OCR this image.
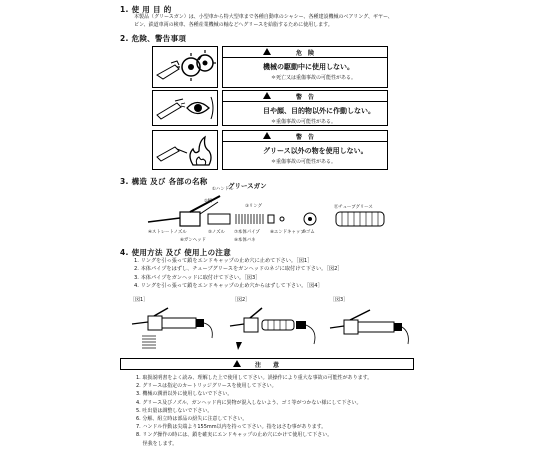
1. 使 用 目 的
本製品（グリースガン）は、小型車から特大型車まで各種自動車のシャシー、各種建設機械のベアリング、ギヤー、
ピン、鉄道車両の検車、各種産業機械の軸などへグリースを給脂するために使用します。
2. 危険、警告事項
危　険
機械の駆動中に使用しない。
＊死亡又は重傷事故の可能性がある。
警　告
目や顔、目的物以外に作動しない。
＊重傷事故の可能性がある。
警　告
グリース以外の物を使用しない。
＊重傷事故の可能性がある。
3. 構造 及び 各部の名称	グリースガン
①ハンドル
②柄
③リング	⑪チューブグリース
④ストレートノズル	⑤ノズル ⑦本体パイプ ⑧エンドキャップ
⑩ゴム
⑥ガンヘッド	⑨本体バネ
4. 使用方法 及び 使用上の注意
1. リングを引っ張って鎖をエンドキャップの止め穴に止めて下さい。［図1］
2. 本体パイプをはずし、チューブグリースをガンヘッドのネジに取付けて下さい。［図2］
3. 本体パイプをガンヘッドに取付けて下さい。［図3］
4. リングを引っ張って鎖をエンドキャップの止め穴からはずして下さい。［図4］
［図1］	［図2］	［図3］
注　　意
1. 取扱説明書をよく読み、理解した上で使用して下さい。誤操作により重大な事故の可能性があります。
2. グリースは指定のカートリッジグリースを使用して下さい。
3. 機械の潤滑以外に使用しないで下さい。
4. グリース及びノズル、ガンヘッド内に異物が混入しないよう、ゴミ等がつかない様にして下さい。
5. 吐出量は調整しないで下さい。
6. 分解、組立時は部品の紛失に注意して下さい。
7. ハンドル作動は尖端より155mm以内を持って下さい。指をはさむ事があります。
8. リング操作の時には、鎖を確実にエンドキャップの止め穴にかけて使用して下さい。
　 怪我をします。
